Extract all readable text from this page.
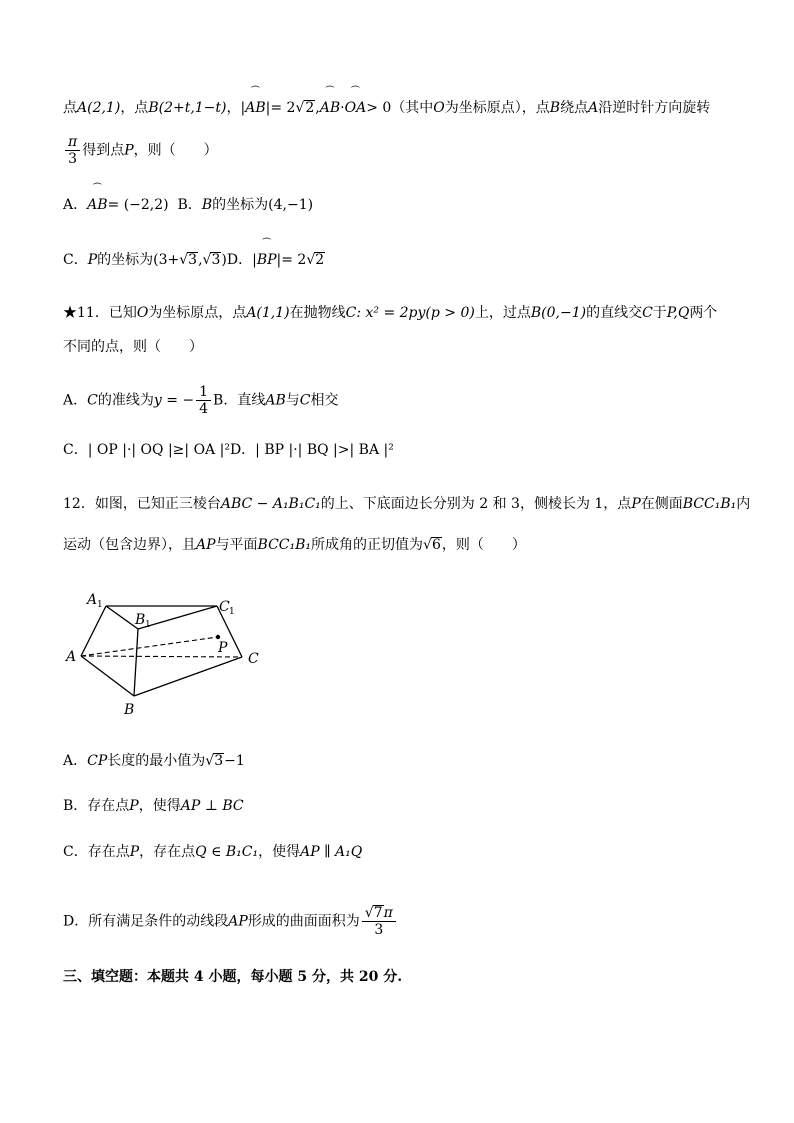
点A(2,1)，点B(2+t,1−t)，|⏜ AB|= 2√2,⏜ AB·⏜ OA> 0（其中O为坐标原点），点B绕点A沿逆时针方向旋转
$\frac{\pi}{3}$ 得到点P，则（　　）
A．⏜ AB= (−2,2) B．B的坐标为(4,−1)
C．P的坐标为(3+√3,√3)D．|⏜ BP|= 2√2
★11．已知O为坐标原点，点A(1,1)在抛物线C: x² = 2py(p > 0)上，过点B(0,−1)的直线交C于P,Q两个
不同的点，则（　　）
A．C的准线为y = − $\frac{1}{4}$ B．直线AB与C相交
C．| OP |·| OQ |≥| OA |²D．| BP |·| BQ |>| BA |²
12．如图，已知正三棱台ABC − A₁B₁C₁的上、下底面边长分别为 2 和 3，侧棱长为 1，点P在侧面BCC₁B₁内
运动（包含边界），且AP与平面BCC₁B₁所成角的正切值为√6，则（　　）
A 1
B 1
C 1
A
B
C
P
A．CP长度的最小值为√3−1
B．存在点P，使得AP ⊥ BC
C．存在点P，存在点Q ∈ B₁C₁，使得AP ∥ A₁Q
D．所有满足条件的动线段AP形成的曲面面积为 $\frac{√7\pi}{3}$
三、填空题：本题共 4 小题，每小题 5 分，共 20 分.
